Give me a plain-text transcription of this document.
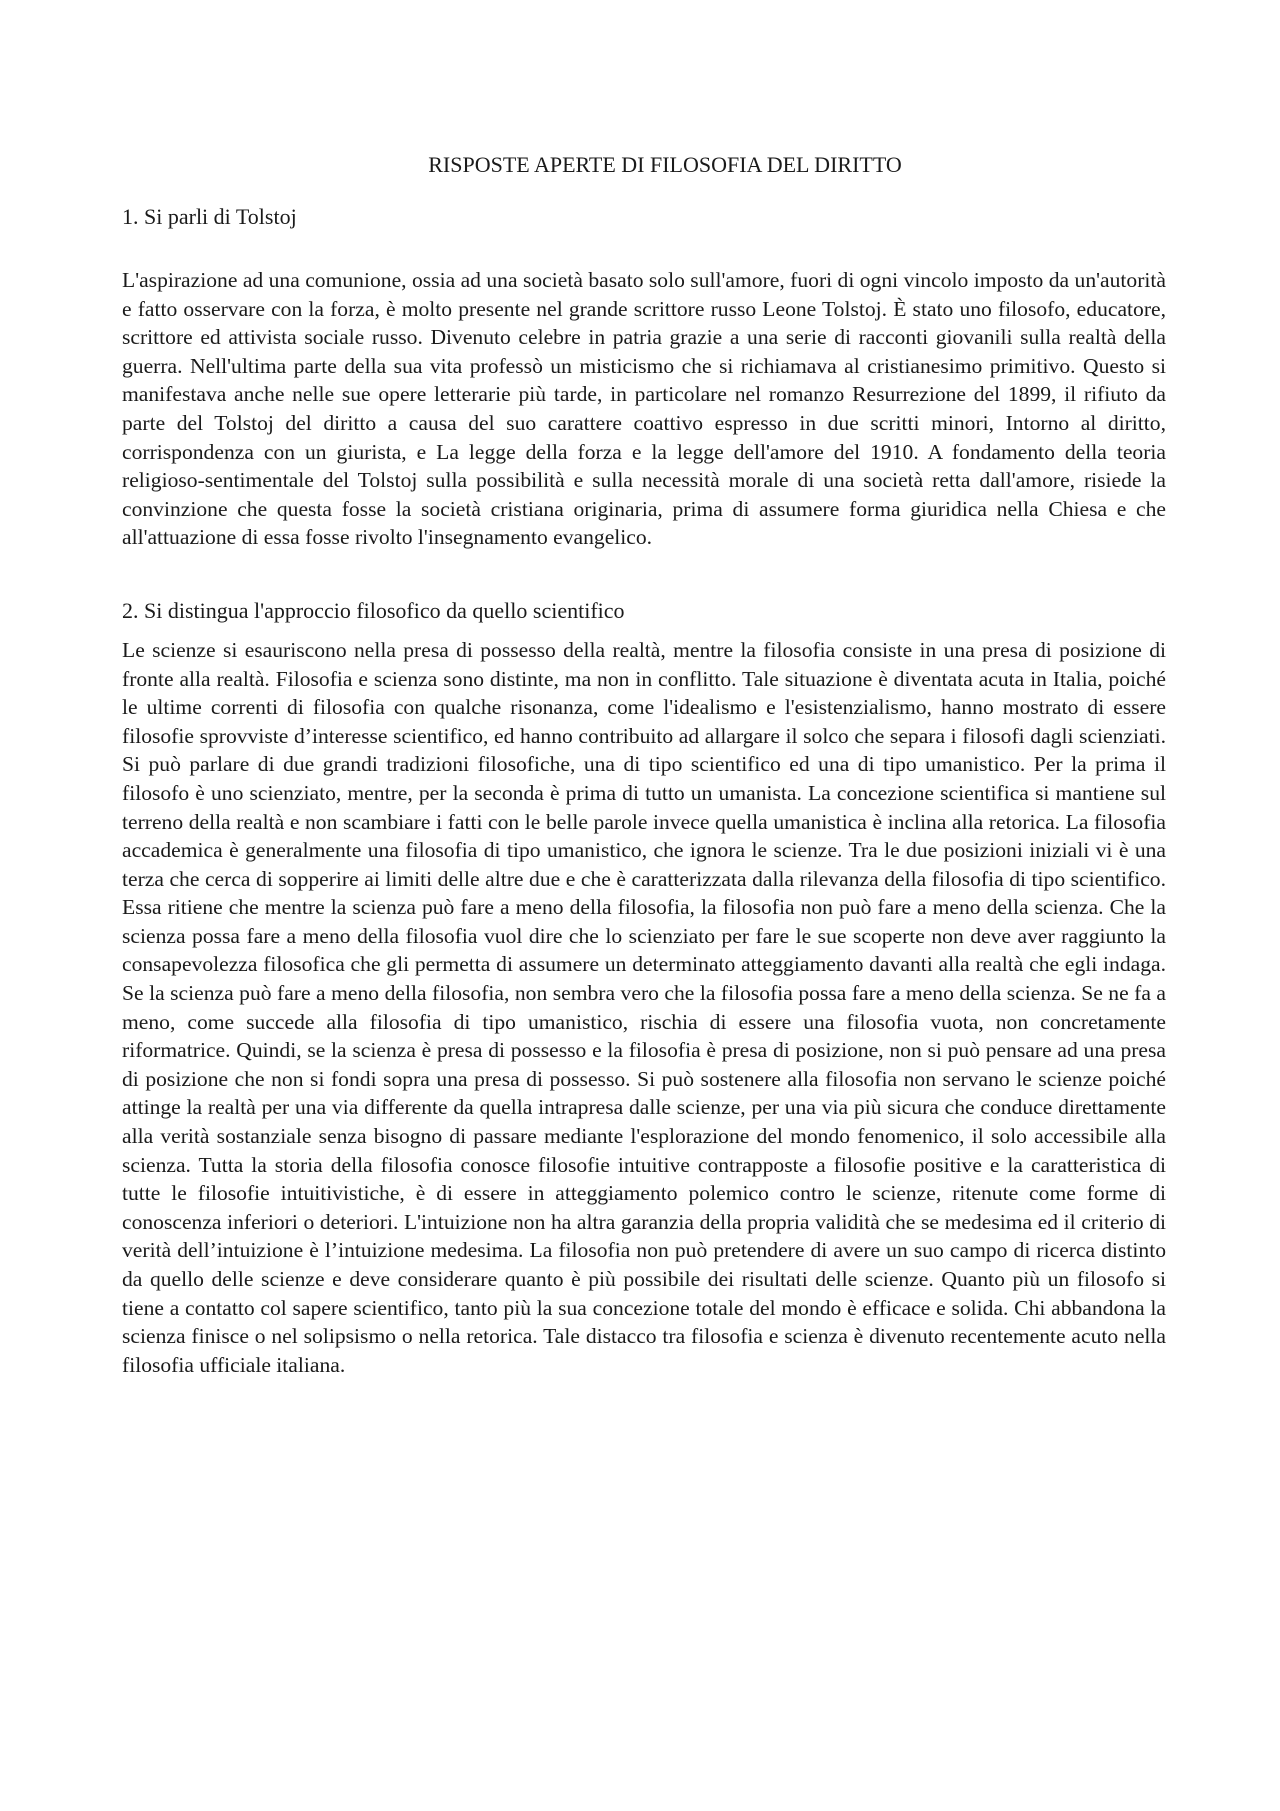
RISPOSTE APERTE DI FILOSOFIA DEL DIRITTO
1. Si parli di Tolstoj

L'aspirazione ad una comunione, ossia ad una società basato solo sull'amore, fuori di ogni vincolo imposto da un'autorità e fatto osservare con la forza, è molto presente nel grande scrittore russo Leone Tolstoj. È stato uno filosofo, educatore, scrittore ed attivista sociale russo. Divenuto celebre in patria grazie a una serie di racconti giovanili sulla realtà della guerra. Nell'ultima parte della sua vita professò un misticismo che si richiamava al cristianesimo primitivo. Questo si manifestava anche nelle sue opere letterarie più tarde, in particolare nel romanzo Resurrezione del 1899, il rifiuto da parte del Tolstoj del diritto a causa del suo carattere coattivo espresso in due scritti minori, Intorno al diritto, corrispondenza con un giurista, e La legge della forza e la legge dell'amore del 1910. A fondamento della teoria religioso-sentimentale del Tolstoj sulla possibilità e sulla necessità morale di una società retta dall'amore, risiede la convinzione che questa fosse la società cristiana originaria, prima di assumere forma giuridica nella Chiesa e che all'attuazione di essa fosse rivolto l'insegnamento evangelico.

2. Si distingua l'approccio filosofico da quello scientifico

Le scienze si esauriscono nella presa di possesso della realtà, mentre la filosofia consiste in una presa di posizione di fronte alla realtà. Filosofia e scienza sono distinte, ma non in conflitto. Tale situazione è diventata acuta in Italia, poiché le ultime correnti di filosofia con qualche risonanza, come l'idealismo e l'esistenzialismo, hanno mostrato di essere filosofie sprovviste d’interesse scientifico, ed hanno contribuito ad allargare il solco che separa i filosofi dagli scienziati. Si può parlare di due grandi tradizioni filosofiche, una di tipo scientifico ed una di tipo umanistico. Per la prima il filosofo è uno scienziato, mentre, per la seconda è prima di tutto un umanista. La concezione scientifica si mantiene sul terreno della realtà e non scambiare i fatti con le belle parole invece quella umanistica è inclina alla retorica. La filosofia accademica è generalmente una filosofia di tipo umanistico, che ignora le scienze. Tra le due posizioni iniziali vi è una terza che cerca di sopperire ai limiti delle altre due e che è caratterizzata dalla rilevanza della filosofia di tipo scientifico. Essa ritiene che mentre la scienza può fare a meno della filosofia, la filosofia non può fare a meno della scienza. Che la scienza possa fare a meno della filosofia vuol dire che lo scienziato per fare le sue scoperte non deve aver raggiunto la consapevolezza filosofica che gli permetta di assumere un determinato atteggiamento davanti alla realtà che egli indaga. Se la scienza può fare a meno della filosofia, non sembra vero che la filosofia possa fare a meno della scienza. Se ne fa a meno, come succede alla filosofia di tipo umanistico, rischia di essere una filosofia vuota, non concretamente riformatrice. Quindi, se la scienza è presa di possesso e la filosofia è presa di posizione, non si può pensare ad una presa di posizione che non si fondi sopra una presa di possesso. Si può sostenere alla filosofia non servano le scienze poiché attinge la realtà per una via differente da quella intrapresa dalle scienze, per una via più sicura che conduce direttamente alla verità sostanziale senza bisogno di passare mediante l'esplorazione del mondo fenomenico, il solo accessibile alla scienza. Tutta la storia della filosofia conosce filosofie intuitive contrapposte a filosofie positive e la caratteristica di tutte le filosofie intuitivistiche, è di essere in atteggiamento polemico contro le scienze, ritenute come forme di conoscenza inferiori o deteriori. L'intuizione non ha altra garanzia della propria validità che se medesima ed il criterio di verità dell’intuizione è l’intuizione medesima. La filosofia non può pretendere di avere un suo campo di ricerca distinto da quello delle scienze e deve considerare quanto è più possibile dei risultati delle scienze. Quanto più un filosofo si tiene a contatto col sapere scientifico, tanto più la sua concezione totale del mondo è efficace e solida. Chi abbandona la scienza finisce o nel solipsismo o nella retorica. Tale distacco tra filosofia e scienza è divenuto recentemente acuto nella filosofia ufficiale italiana.
